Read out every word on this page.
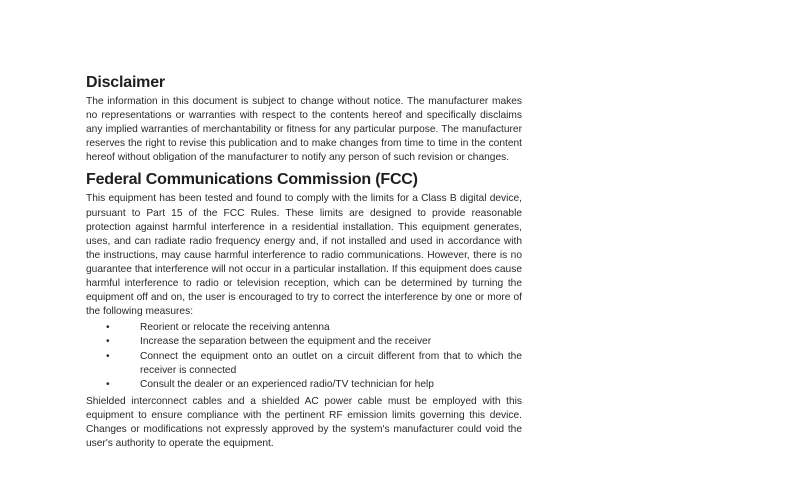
Disclaimer

The information in this document is subject to change without notice. The manufacturer makes no representations or warranties with respect to the contents hereof and specifically disclaims any implied warranties of merchantability or fitness for any particular purpose. The manufacturer reserves the right to revise this publication and to make changes from time to time in the content hereof without obligation of the manufacturer to notify any person of such revision or changes.

Federal Communications Commission (FCC)

This equipment has been tested and found to comply with the limits for a Class B digital device, pursuant to Part 15 of the FCC Rules. These limits are designed to provide reasonable protection against harmful interference in a residential installation. This equipment generates, uses, and can radiate radio frequency energy and, if not installed and used in accordance with the instructions, may cause harmful interference to radio communications. However, there is no guarantee that interference will not occur in a particular installation. If this equipment does cause harmful interference to radio or television reception, which can be determined by turning the equipment off and on, the user is encouraged to try to correct the interference by one or more of the following measures:

•	Reorient or relocate the receiving antenna
•	Increase the separation between the equipment and the receiver
•	Connect the equipment onto an outlet on a circuit different from that to which the receiver is connected
•	Consult the dealer or an experienced radio/TV technician for help

Shielded interconnect cables and a shielded AC power cable must be employed with this equipment to ensure compliance with the pertinent RF emission limits governing this device. Changes or modifications not expressly approved by the system's manufacturer could void the user's authority to operate the equipment.
